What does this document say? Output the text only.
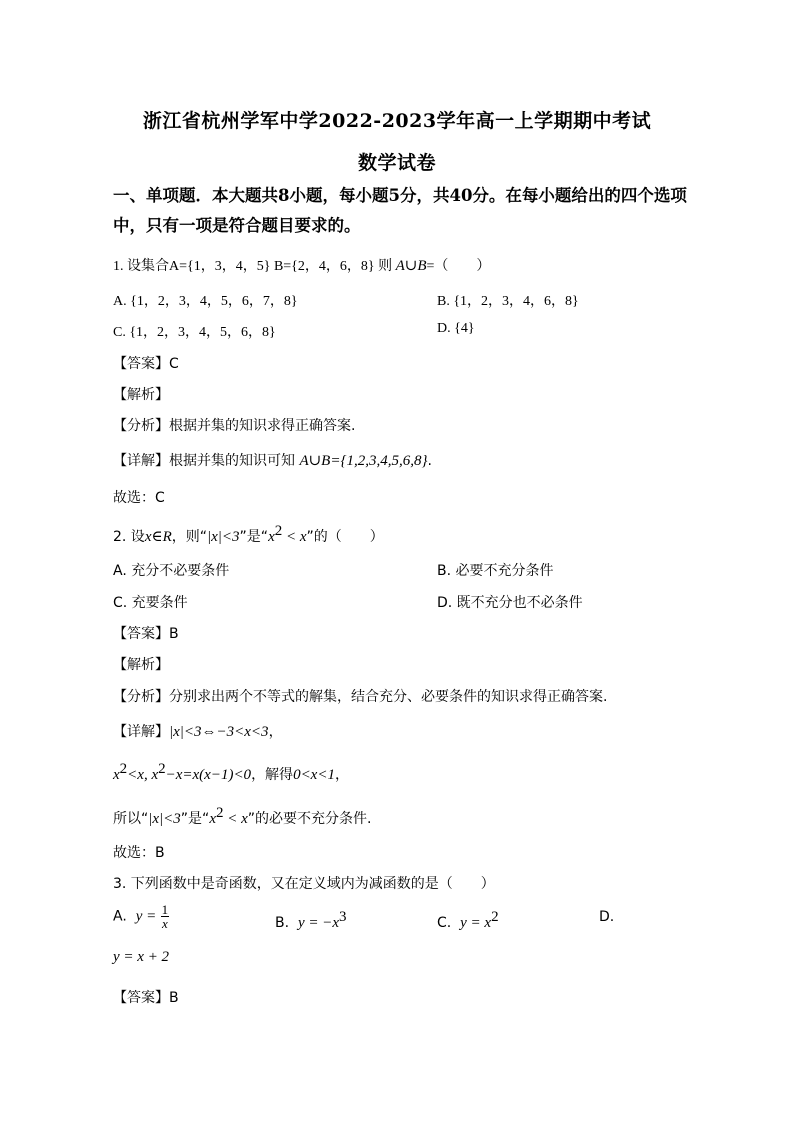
浙江省杭州学军中学2022-2023学年高一上学期期中考试
数学试卷
一、单项题．本大题共8小题，每小题5分，共40分。在每小题给出的四个选项中，只有一项是符合题目要求的。
1. 设集合A={1，3，4，5} B={2，4，6，8} 则 A∪B=（　　）
A. {1，2，3，4，5，6，7，8}	B. {1，2，3，4，6，8}
C. {1，2，3，4，5，6，8}	D. {4}
【答案】C
【解析】
【分析】根据并集的知识求得正确答案.
【详解】根据并集的知识可知 A∪B={1,2,3,4,5,6,8}.
故选：C
2. 设x∈R，则“|x|<3”是“$x^2 < x$”的（　　）
A. 充分不必要条件	B. 必要不充分条件
C. 充要条件	D. 既不充分也不必条件
【答案】B
【解析】
【分析】分别求出两个不等式的解集，结合充分、必要条件的知识求得正确答案.
【详解】|x|<3⇔−3<x<3，
$x^2<x$, $x^2-x=x(x-1)<0$，解得0<x<1，
所以“|x|<3”是“$x^2 < x$”的必要不充分条件.
故选：B
3. 下列函数中是奇函数，又在定义域内为减函数的是（　　）
A. $y = \frac{1}{x}$	B. $y = -x^3$	C. $y = x^2$	D.
y = x + 2
【答案】B
